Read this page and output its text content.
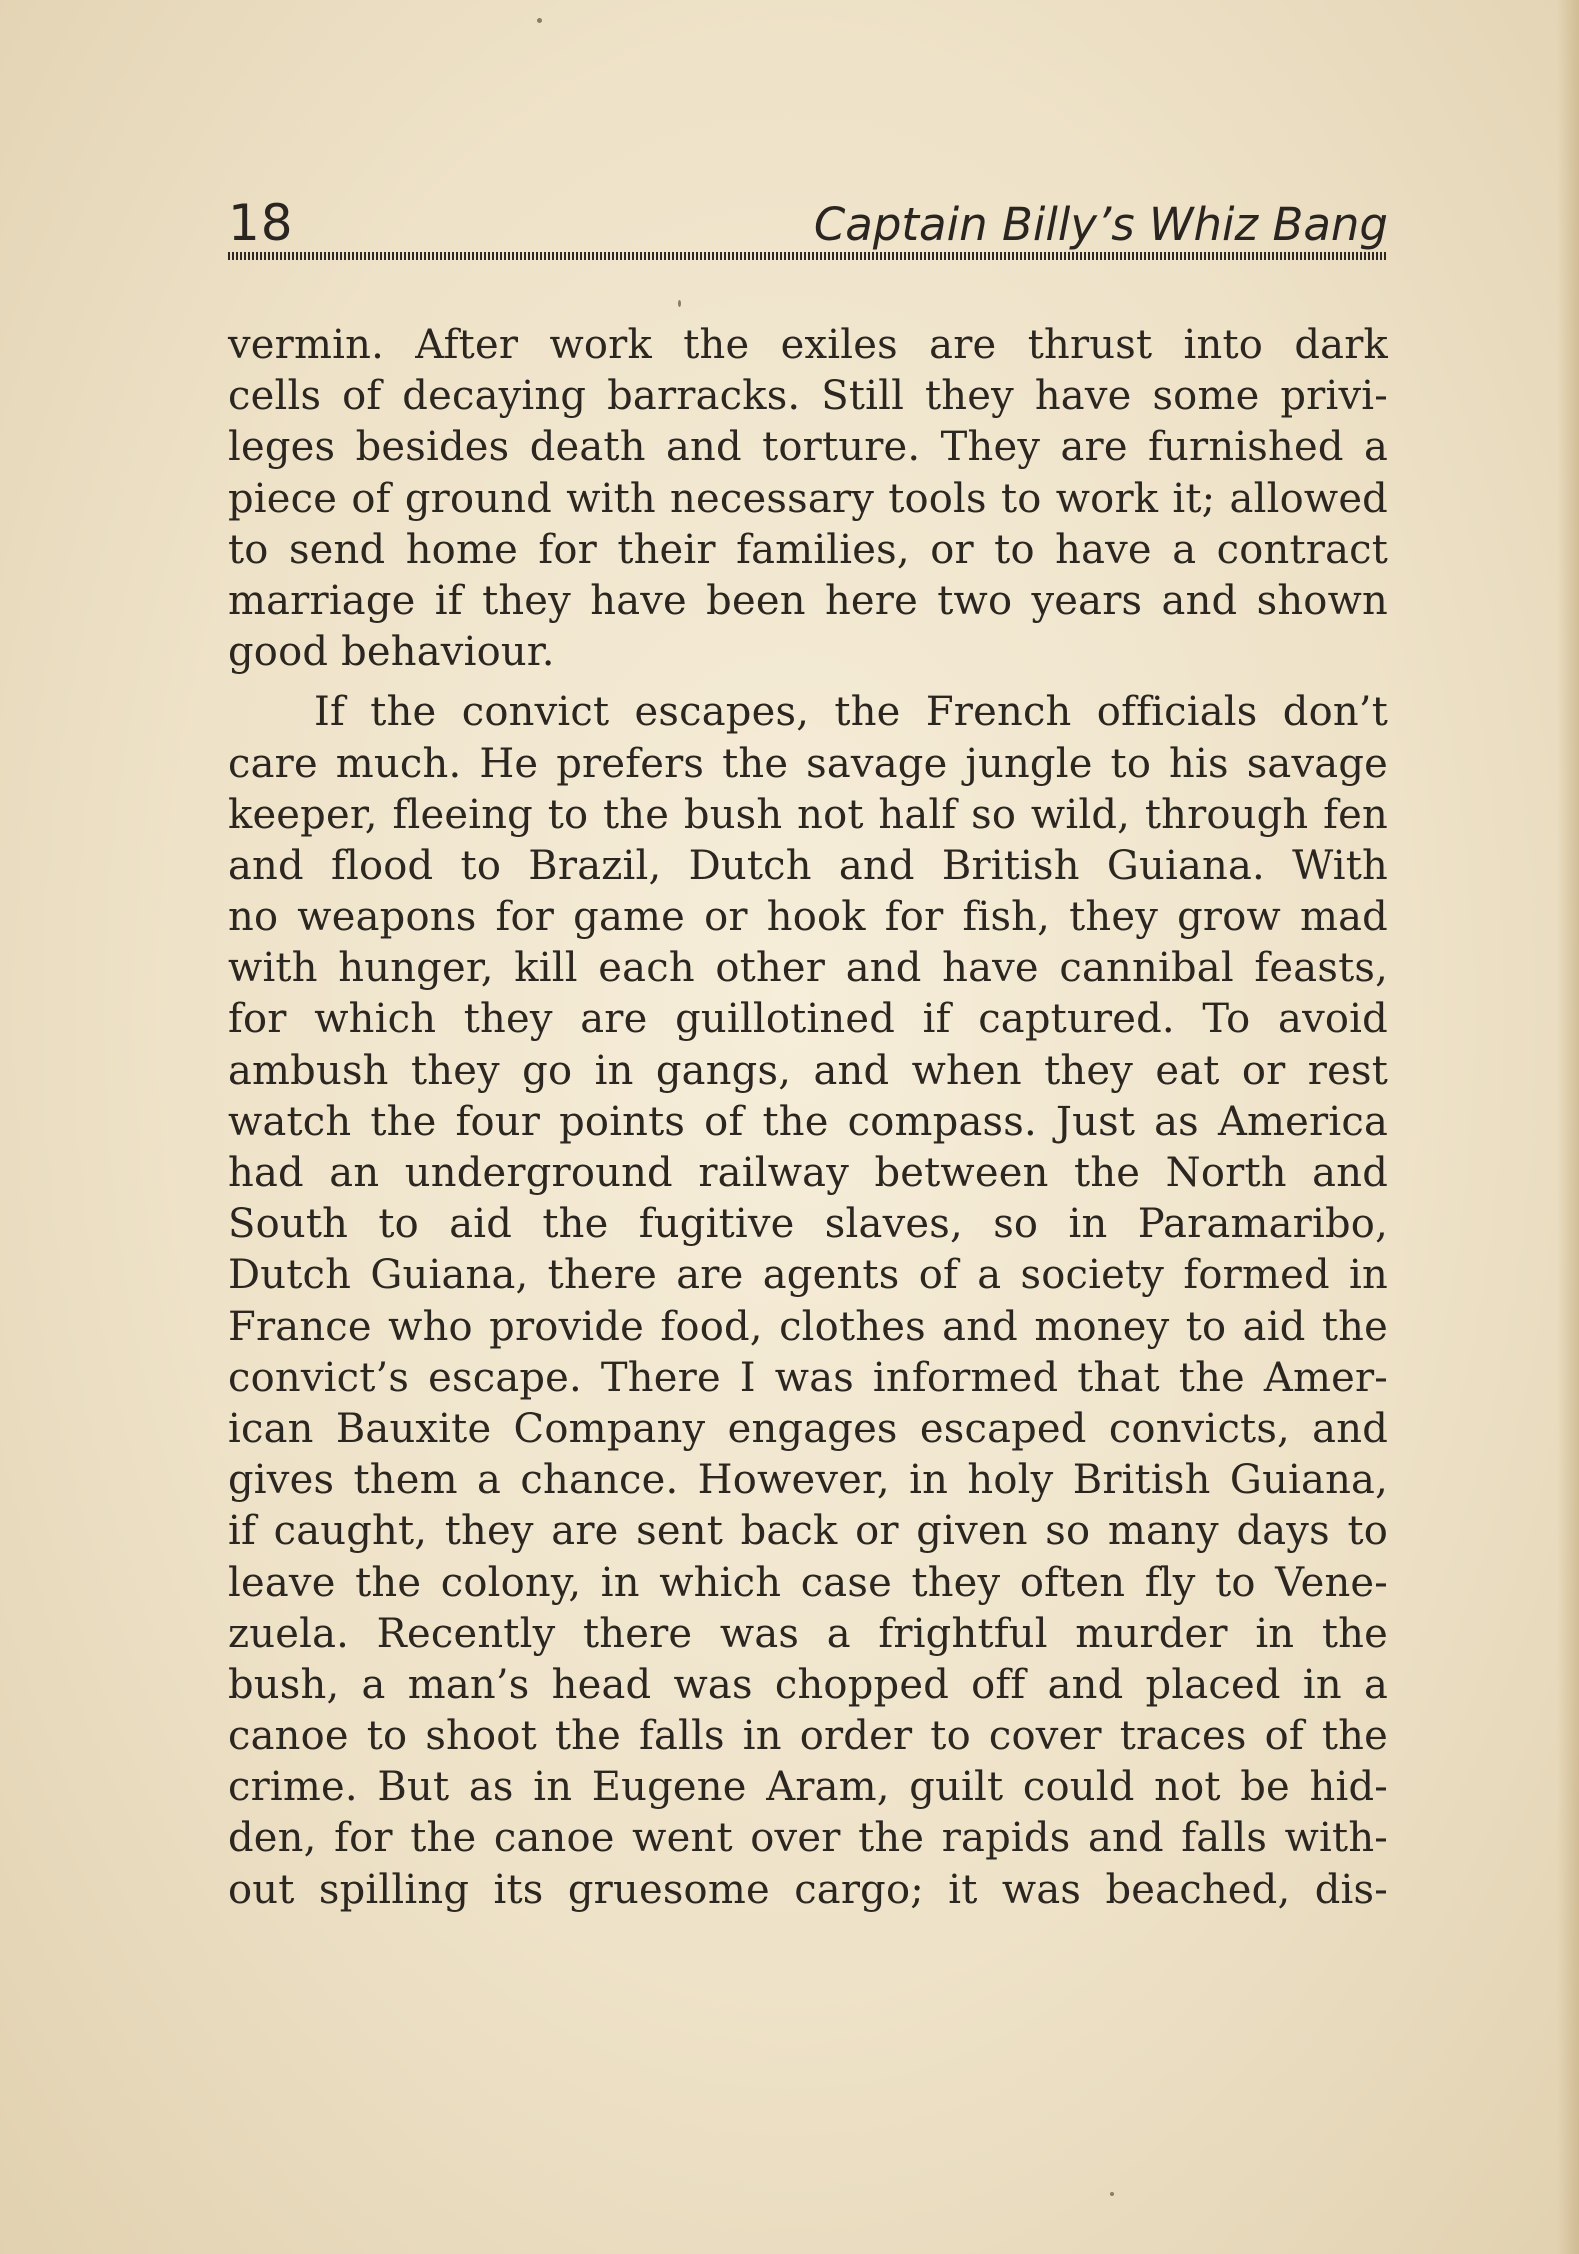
18	Captain Billy’s Whiz Bang
vermin. After work the exiles are thrust into dark
cells of decaying barracks. Still they have some privi-
leges besides death and torture. They are furnished a
piece of ground with necessary tools to work it; allowed
to send home for their families, or to have a contract
marriage if they have been here two years and shown
good behaviour.
If the convict escapes, the French officials don’t
care much. He prefers the savage jungle to his savage
keeper, fleeing to the bush not half so wild, through fen
and flood to Brazil, Dutch and British Guiana. With
no weapons for game or hook for fish, they grow mad
with hunger, kill each other and have cannibal feasts,
for which they are guillotined if captured. To avoid
ambush they go in gangs, and when they eat or rest
watch the four points of the compass. Just as America
had an underground railway between the North and
South to aid the fugitive slaves, so in Paramaribo,
Dutch Guiana, there are agents of a society formed in
France who provide food, clothes and money to aid the
convict’s escape. There I was informed that the Amer-
ican Bauxite Company engages escaped convicts, and
gives them a chance. However, in holy British Guiana,
if caught, they are sent back or given so many days to
leave the colony, in which case they often fly to Vene-
zuela. Recently there was a frightful murder in the
bush, a man’s head was chopped off and placed in a
canoe to shoot the falls in order to cover traces of the
crime. But as in Eugene Aram, guilt could not be hid-
den, for the canoe went over the rapids and falls with-
out spilling its gruesome cargo; it was beached, dis-
